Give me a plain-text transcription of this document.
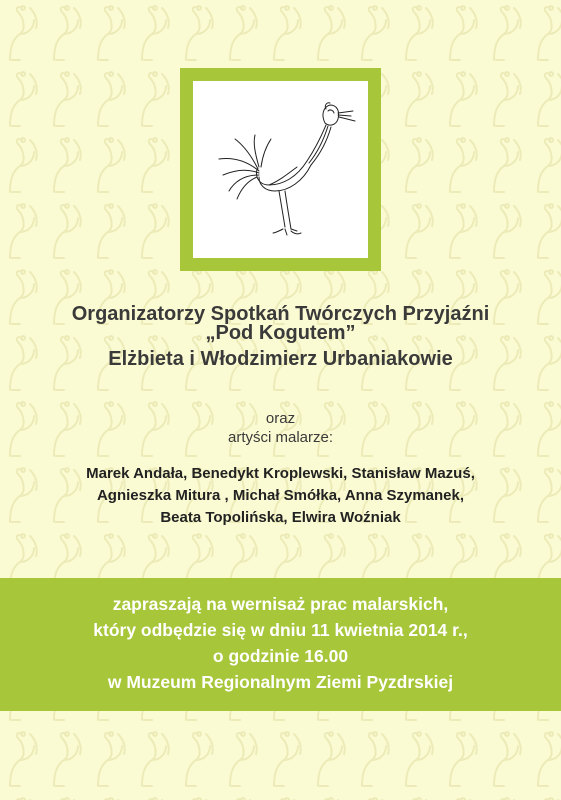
Organizatorzy Spotkań Twórczych Przyjaźni
„Pod Kogutem”
Elżbieta i Włodzimierz Urbaniakowie
oraz
artyści malarze:
Marek Andała, Benedykt Kroplewski, Stanisław Mazuś,
Agnieszka Mitura , Michał Smółka, Anna Szymanek,
Beata Topolińska, Elwira Woźniak
zapraszają na wernisaż prac malarskich,
który odbędzie się w dniu 11 kwietnia 2014 r.,
o godzinie 16.00
w Muzeum Regionalnym Ziemi Pyzdrskiej
